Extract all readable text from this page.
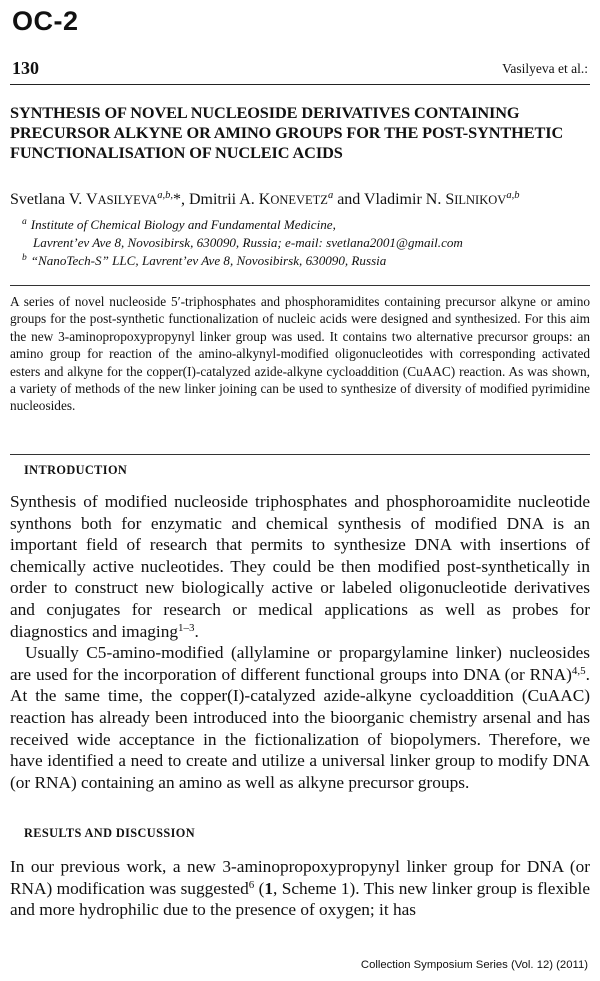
OC-2
130	Vasilyeva et al.:
SYNTHESIS OF NOVEL NUCLEOSIDE DERIVATIVES CONTAINING PRECURSOR ALKYNE OR AMINO GROUPS FOR THE POST-SYNTHETIC FUNCTIONALISATION OF NUCLEIC ACIDS
Svetlana V. $VASILYEVA^{a,b,}*$, Dmitrii A. KONEVETZ$^a$ and Vladimir N. SILNIKOV$^{a,b}$
$^a$ Institute of Chemical Biology and Fundamental Medicine,
Lavrent’ev Ave 8, Novosibirsk, 630090, Russia; e-mail: svetlana2001@gmail.com
$^b$ “NanoTech-S” LLC, Lavrent’ev Ave 8, Novosibirsk, 630090, Russia
A series of novel nucleoside 5′-triphosphates and phosphoramidites containing precursor alkyne or amino groups for the post-synthetic functionalization of nucleic acids were designed and synthesized. For this aim the new 3-aminopropoxypropynyl linker group was used. It contains two alternative precursor groups: an amino group for reaction of the amino-alkynyl-modified oligonucleotides with corresponding activated esters and alkyne for the copper(I)-catalyzed azide-alkyne cycloaddition (CuAAC) reaction. As was shown, a variety of methods of the new linker joining can be used to synthesize of diversity of modified pyrimidine nucleosides.
INTRODUCTION

Synthesis of modified nucleoside triphosphates and phosphoroamidite nucleotide synthons both for enzymatic and chemical synthesis of modified DNA is an important field of research that permits to synthesize DNA with insertions of chemically active nucleotides. They could be then modified post-synthetically in order to construct new biologically active or labeled oligonucleotide derivatives and conjugates for research or medical applications as well as probes for diagnostics and imaging$^{1-3}$.

Usually C5-amino-modified (allylamine or propargylamine linker) nucleosides are used for the incorporation of different functional groups into DNA (or RNA)$^{4,5}$. At the same time, the copper(I)-catalyzed azide-alkyne cycloaddition (CuAAC) reaction has already been introduced into the bioorganic chemistry arsenal and has received wide acceptance in the fictionalization of biopolymers. Therefore, we have identified a need to create and utilize a universal linker group to modify DNA (or RNA) containing an amino as well as alkyne precursor groups.

RESULTS AND DISCUSSION

In our previous work, a new 3-aminopropoxypropynyl linker group for DNA (or RNA) modification was suggested$^6$ (1, Scheme 1). This new linker group is flexible and more hydrophilic due to the presence of oxygen; it has

Collection Symposium Series (Vol. 12) (2011)
